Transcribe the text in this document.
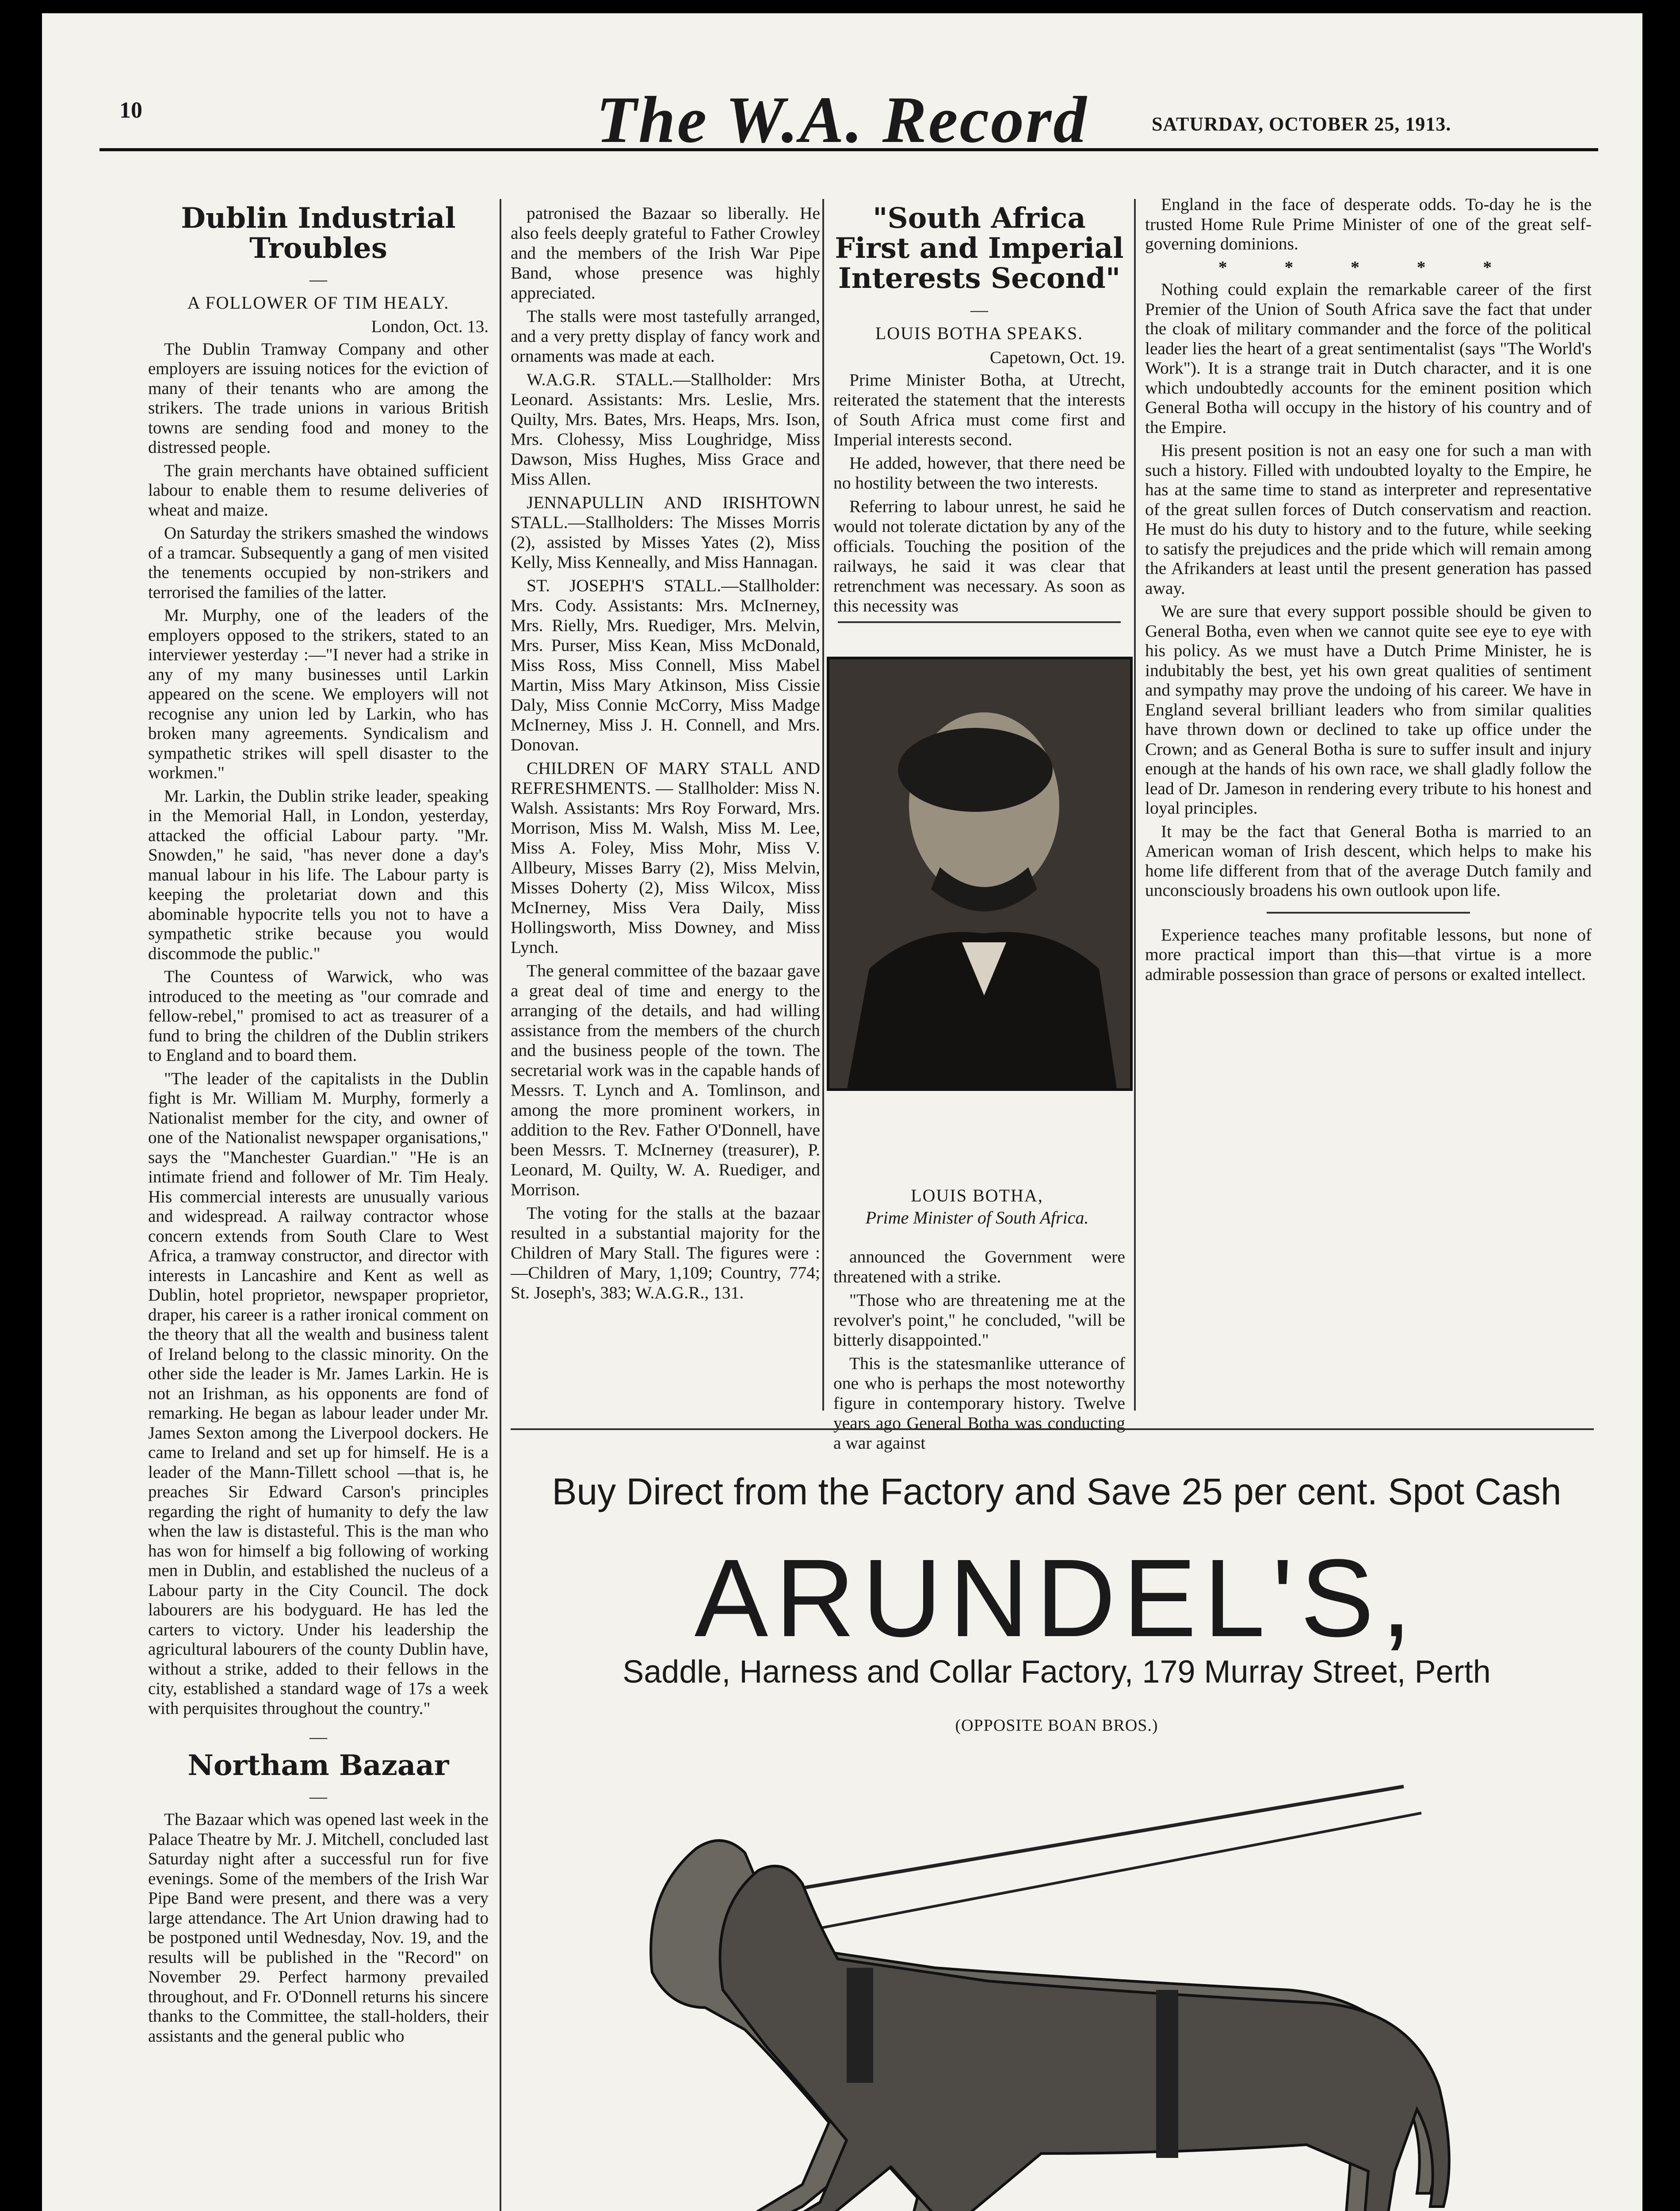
10	The W.A. Record	SATURDAY, OCTOBER 25, 1913.
Dublin Industrial Troubles
—
A FOLLOWER OF TIM HEALY.
London, Oct. 13.

The Dublin Tramway Company and other employers are issuing notices for the eviction of many of their tenants who are among the strikers. The trade unions in various British towns are sending food and money to the distressed people.

The grain merchants have obtained sufficient labour to enable them to resume deliveries of wheat and maize.

On Saturday the strikers smashed the windows of a tramcar. Subsequently a gang of men visited the tenements occupied by non-strikers and terrorised the families of the latter.

Mr. Murphy, one of the leaders of the employers opposed to the strikers, stated to an interviewer yesterday :—"I never had a strike in any of my many businesses until Larkin appeared on the scene. We employers will not recognise any union led by Larkin, who has broken many agreements. Syndicalism and sympathetic strikes will spell disaster to the workmen."

Mr. Larkin, the Dublin strike leader, speaking in the Memorial Hall, in London, yesterday, attacked the official Labour party. "Mr. Snowden," he said, "has never done a day's manual labour in his life. The Labour party is keeping the proletariat down and this abominable hypocrite tells you not to have a sympathetic strike because you would discommode the public."

The Countess of Warwick, who was introduced to the meeting as "our comrade and fellow-rebel," promised to act as treasurer of a fund to bring the children of the Dublin strikers to England and to board them.

"The leader of the capitalists in the Dublin fight is Mr. William M. Murphy, formerly a Nationalist member for the city, and owner of one of the Nationalist newspaper organisations," says the "Manchester Guardian." "He is an intimate friend and follower of Mr. Tim Healy. His commercial interests are unusually various and widespread. A railway contractor whose concern extends from South Clare to West Africa, a tramway constructor, and director with interests in Lancashire and Kent as well as Dublin, hotel proprietor, newspaper proprietor, draper, his career is a rather ironical comment on the theory that all the wealth and business talent of Ireland belong to the classic minority. On the other side the leader is Mr. James Larkin. He is not an Irishman, as his opponents are fond of remarking. He began as labour leader under Mr. James Sexton among the Liverpool dockers. He came to Ireland and set up for himself. He is a leader of the Mann-Tillett school —that is, he preaches Sir Edward Carson's principles regarding the right of humanity to defy the law when the law is distasteful. This is the man who has won for himself a big following of working men in Dublin, and established the nucleus of a Labour party in the City Council. The dock labourers are his bodyguard. He has led the carters to victory. Under his leadership the agricultural labourers of the county Dublin have, without a strike, added to their fellows in the city, established a standard wage of 17s a week with perquisites throughout the country."

—
Northam Bazaar
—

The Bazaar which was opened last week in the Palace Theatre by Mr. J. Mitchell, concluded last Saturday night after a successful run for five evenings. Some of the members of the Irish War Pipe Band were present, and there was a very large attendance. The Art Union drawing had to be postponed until Wednesday, Nov. 19, and the results will be published in the "Record" on November 29. Perfect harmony prevailed throughout, and Fr. O'Donnell returns his sincere thanks to the Committee, the stall-holders, their assistants and the general public who

patronised the Bazaar so liberally. He also feels deeply grateful to Father Crowley and the members of the Irish War Pipe Band, whose presence was highly appreciated.

The stalls were most tastefully arranged, and a very pretty display of fancy work and ornaments was made at each.

W.A.G.R. STALL.—Stallholder: Mrs Leonard. Assistants: Mrs. Leslie, Mrs. Quilty, Mrs. Bates, Mrs. Heaps, Mrs. Ison, Mrs. Clohessy, Miss Loughridge, Miss Dawson, Miss Hughes, Miss Grace and Miss Allen.

JENNAPULLIN AND IRISHTOWN STALL.—Stallholders: The Misses Morris (2), assisted by Misses Yates (2), Miss Kelly, Miss Kenneally, and Miss Hannagan.

ST. JOSEPH'S STALL.—Stallholder: Mrs. Cody. Assistants: Mrs. McInerney, Mrs. Rielly, Mrs. Ruediger, Mrs. Melvin, Mrs. Purser, Miss Kean, Miss McDonald, Miss Ross, Miss Connell, Miss Mabel Martin, Miss Mary Atkinson, Miss Cissie Daly, Miss Connie McCorry, Miss Madge McInerney, Miss J. H. Connell, and Mrs. Donovan.

CHILDREN OF MARY STALL AND REFRESHMENTS. — Stallholder: Miss N. Walsh. Assistants: Mrs Roy Forward, Mrs. Morrison, Miss M. Walsh, Miss M. Lee, Miss A. Foley, Miss Mohr, Miss V. Allbeury, Misses Barry (2), Miss Melvin, Misses Doherty (2), Miss Wilcox, Miss McInerney, Miss Vera Daily, Miss Hollingsworth, Miss Downey, and Miss Lynch.

The general committee of the bazaar gave a great deal of time and energy to the arranging of the details, and had willing assistance from the members of the church and the business people of the town. The secretarial work was in the capable hands of Messrs. T. Lynch and A. Tomlinson, and among the more prominent workers, in addition to the Rev. Father O'Donnell, have been Messrs. T. McInerney (treasurer), P. Leonard, M. Quilty, W. A. Ruediger, and Morrison.

The voting for the stalls at the bazaar resulted in a substantial majority for the Children of Mary Stall. The figures were :—Children of Mary, 1,109; Country, 774; St. Joseph's, 383; W.A.G.R., 131.

"South Africa First and Imperial Interests Second"
—
LOUIS BOTHA SPEAKS.
Capetown, Oct. 19.

Prime Minister Botha, at Utrecht, reiterated the statement that the interests of South Africa must come first and Imperial interests second.

He added, however, that there need be no hostility between the two interests.

Referring to labour unrest, he said he would not tolerate dictation by any of the officials. Touching the position of the railways, he said it was clear that retrenchment was necessary. As soon as this necessity was

LOUIS BOTHA,
Prime Minister of South Africa.

announced the Government were threatened with a strike.

"Those who are threatening me at the revolver's point," he concluded, "will be bitterly disappointed."

This is the statesmanlike utterance of one who is perhaps the most noteworthy figure in contemporary history. Twelve years ago General Botha was conducting a war against

England in the face of desperate odds. To-day he is the trusted Home Rule Prime Minister of one of the great self-governing dominions.

* * * * *

Nothing could explain the remarkable career of the first Premier of the Union of South Africa save the fact that under the cloak of military commander and the force of the political leader lies the heart of a great sentimentalist (says "The World's Work"). It is a strange trait in Dutch character, and it is one which undoubtedly accounts for the eminent position which General Botha will occupy in the history of his country and of the Empire.

His present position is not an easy one for such a man with such a history. Filled with undoubted loyalty to the Empire, he has at the same time to stand as interpreter and representative of the great sullen forces of Dutch conservatism and reaction. He must do his duty to history and to the future, while seeking to satisfy the prejudices and the pride which will remain among the Afrikanders at least until the present generation has passed away.

We are sure that every support possible should be given to General Botha, even when we cannot quite see eye to eye with his policy. As we must have a Dutch Prime Minister, he is indubitably the best, yet his own great qualities of sentiment and sympathy may prove the undoing of his career. We have in England several brilliant leaders who from similar qualities have thrown down or declined to take up office under the Crown; and as General Botha is sure to suffer insult and injury enough at the hands of his own race, we shall gladly follow the lead of Dr. Jameson in rendering every tribute to his honest and loyal principles.

It may be the fact that General Botha is married to an American woman of Irish descent, which helps to make his home life different from that of the average Dutch family and unconsciously broadens his own outlook upon life.

Experience teaches many profitable lessons, but none of more practical import than this—that virtue is a more admirable possession than grace of persons or exalted intellect.

Buy Direct from the Factory and Save 25 per cent. Spot Cash
ARUNDEL'S,
Saddle, Harness and Collar Factory, 179 Murray Street, Perth
(OPPOSITE BOAN BROS.)
